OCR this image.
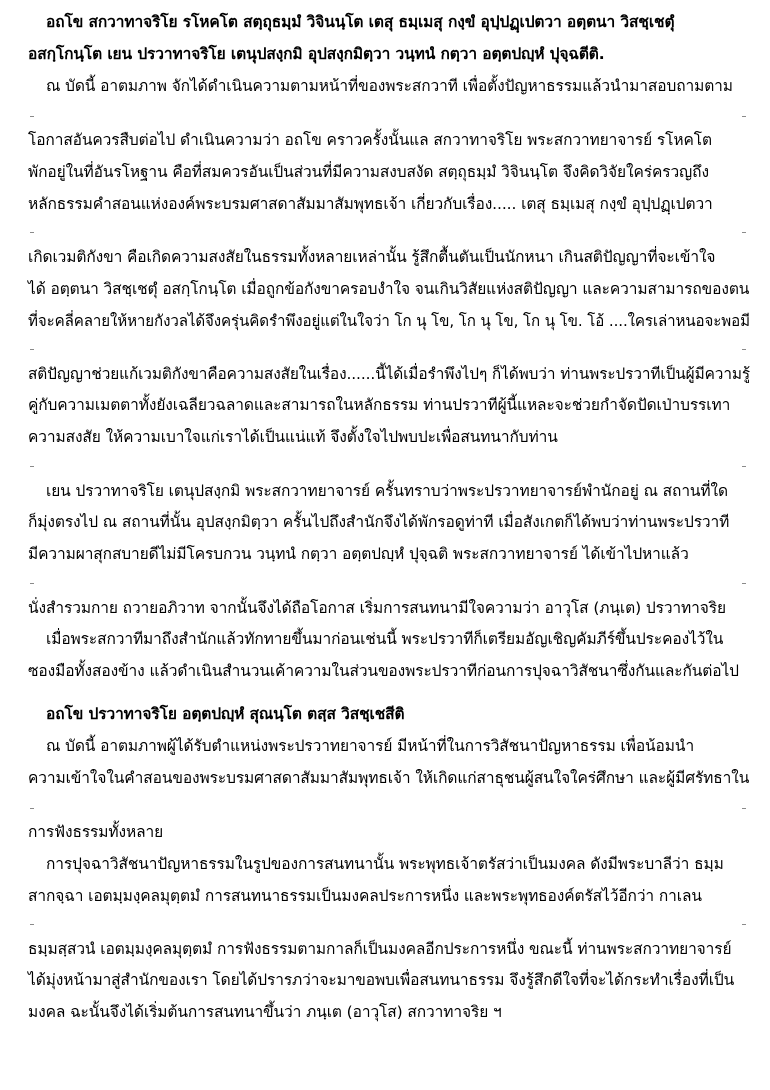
อถโข สกวาทาจริโย รโหคโต สตฺถุธมฺมํ วิจินนฺโต เตสุ ธมฺเมสุ กงฺขํ อุปฺปฏฺเปตวา อตฺตนา วิสชฺเชตุํ
อสกฺโกนฺโต เยน ปรวาทาจริโย เตนุปสงฺกมิ อุปสงฺกมิตฺวา วนฺทนํ กตฺวา อตฺตปญฺหํ ปุจฺฉตีติ.
ณ บัดนี้ อาตมภาพ จักได้ดำเนินความตามหน้าที่ของพระสกวาที เพื่อตั้งปัญหาธรรมแล้วนำมาสอบถามตาม
โอกาสอันควรสืบต่อไป ดำเนินความว่า อถโข คราวครั้งนั้นแล สกวาทาจริโย พระสกวาทยาจารย์ รโหคโต
พักอยู่ในที่อันรโหฐาน คือที่สมควรอันเป็นส่วนที่มีความสงบสงัด สตฺถุธมฺมํ วิจินนฺโต จึงคิดวิจัยใคร่ครวญถึง
หลักธรรมคำสอนแห่งองค์พระบรมศาสดาสัมมาสัมพุทธเจ้า เกี่ยวกับเรื่อง..... เตสุ ธมฺเมสุ กงฺขํ อุปฺปฏฺเปตวา
เกิดเวมติกังขา คือเกิดความสงสัยในธรรมทั้งหลายเหล่านั้น รู้สึกตื้นตันเป็นนักหนา เกินสติปัญญาที่จะเข้าใจ
ได้ อตฺตนา วิสชฺเชตุํ อสกฺโกนฺโต เมื่อถูกข้อกังขาครอบงำใจ จนเกินวิสัยแห่งสติปัญญา และความสามารถของตน
ที่จะคลี่คลายให้หายกังวลได้จึงครุ่นคิดรำพึงอยู่แต่ในใจว่า โก นุ โข, โก นุ โข, โก นุ โข. โอ้ ....ใครเล่าหนอจะพอมี
สติปัญญาช่วยแก้เวมติกังขาคือความสงสัยในเรื่อง......นี้ได้เมื่อรำพึงไปๆ ก็ได้พบว่า ท่านพระปรวาทีเป็นผู้มีความรู้
คู่กับความเมตตาทั้งยังเฉลียวฉลาดและสามารถในหลักธรรม ท่านปรวาทีผู้นี้แหละจะช่วยกำจัดปัดเป่าบรรเทา
ความสงสัย ให้ความเบาใจแก่เราได้เป็นแน่แท้ จึงตั้งใจไปพบปะเพื่อสนทนากับท่าน
เยน ปรวาทาจริโย เตนุปสงฺกมิ พระสกวาทยาจารย์ ครั้นทราบว่าพระปรวาทยาจารย์พำนักอยู่ ณ สถานที่ใด
ก็มุ่งตรงไป ณ สถานที่นั้น อุปสงฺกมิตฺวา ครั้นไปถึงสำนักจึงได้พักรอดูท่าที เมื่อสังเกตก็ได้พบว่าท่านพระปรวาที
มีความผาสุกสบายดีไม่มีโครบกวน วนฺทนํ กตฺวา อตฺตปญฺหํ ปุจฺฉติ พระสกวาทยาจารย์ ได้เข้าไปหาแล้ว
นั่งสำรวมกาย ถวายอภิวาท จากนั้นจึงได้ถือโอกาส เริ่มการสนทนามีใจความว่า อาวุโส (ภนฺเต) ปรวาทาจริย
เมื่อพระสกวาทีมาถึงสำนักแล้วทักทายขึ้นมาก่อนเช่นนี้ พระปรวาทีก็เตรียมอัญเชิญคัมภีร์ขึ้นประคองไว้ใน
ซองมือทั้งสองข้าง แล้วดำเนินสำนวนเค้าความในส่วนของพระปรวาทีก่อนการปุจฉาวิสัชนาซึ่งกันและกันต่อไป
อถโข ปรวาทาจริโย อตฺตปญฺหํ สุณนฺโต ตสฺส วิสชฺเชสีติ
ณ บัดนี้ อาตมภาพผู้ได้รับตำแหน่งพระปรวาทยาจารย์ มีหน้าที่ในการวิสัชนาปัญหาธรรม เพื่อน้อมนำ
ความเข้าใจในคำสอนของพระบรมศาสดาสัมมาสัมพุทธเจ้า ให้เกิดแก่สาธุชนผู้สนใจใคร่ศึกษา และผู้มีศรัทธาใน
การฟังธรรมทั้งหลาย
การปุจฉาวิสัชนาปัญหาธรรมในรูปของการสนทนานั้น พระพุทธเจ้าตรัสว่าเป็นมงคล ดังมีพระบาลีว่า ธมฺม
สากจฺฉา เอตมฺมงฺคลมุตฺตมํ การสนทนาธรรมเป็นมงคลประการหนึ่ง และพระพุทธองค์ตรัสไว้อีกว่า กาเลน
ธมฺมสฺสวนํ เอตมฺมงฺคลมุตฺตมํ การฟังธรรมตามกาลก็เป็นมงคลอีกประการหนึ่ง ขณะนี้ ท่านพระสกวาทยาจารย์
ได้มุ่งหน้ามาสู่สำนักของเรา โดยได้ปรารภว่าจะมาขอพบเพื่อสนทนาธรรม จึงรู้สึกดีใจที่จะได้กระทำเรื่องที่เป็น
มงคล ฉะนั้นจึงได้เริ่มต้นการสนทนาขึ้นว่า ภนฺเต (อาวุโส) สกวาทาจริย ฯ
